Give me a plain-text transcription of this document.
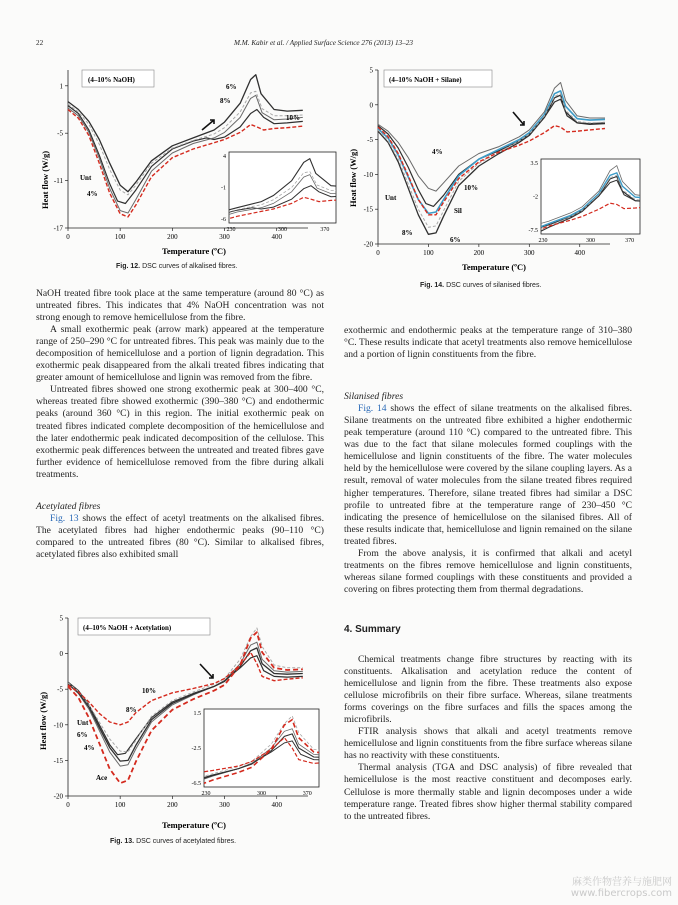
22	M.M. Kabir et al. / Applied Surface Science 276 (2013) 13–23
0	100	200	300	400
1
-5
-11
-17
Heat flow (W/g)
Temperature (ºC)
(4–10% NaOH)
6%
8%
10%
Unt
4%
230	300	370
4
-1
-6
Fig. 12. DSC curves of alkalised fibres.
0	100	200	300	400
5
0
-5
-10
-15
-20
Heat flow (W/g)
Temperature (ºC)
(4–10% NaOH + Acetylation)
10%
8%
Unt
6%
4%
Ace
230	300	370
1.5
-2.5
-6.5
Fig. 13. DSC curves of acetylated fibres.
0	100	200	300	400
5
0
-5
-10
-15
-20
Heat flow (W/g)
Temperature (ºC)
(4–10% NaOH + Silane)
4%
10%
Unt
Sil
8%
6%	230	300	370
3.5
-2
-7.5
Fig. 14. DSC curves of silanised fibres.

NaOH treated fibre took place at the same temperature (around 80 °C) as untreated fibres. This indicates that 4% NaOH concentration was not strong enough to remove hemicellulose from the fibre.

A small exothermic peak (arrow mark) appeared at the temperature range of 250–290 °C for untreated fibres. This peak was mainly due to the decomposition of hemicellulose and a portion of lignin degradation. This exothermic peak disappeared from the alkali treated fibres indicating that greater amount of hemicellulose and lignin was removed from the fibre.

Untreated fibres showed one strong exothermic peak at 300–400 °C, whereas treated fibre showed exothermic (390–380 °C) and endothermic peaks (around 360 °C) in this region. The initial exothermic peak on treated fibres indicated complete decomposition of the hemicellulose and the later endothermic peak indicated decomposition of the cellulose. This exothermic peak differences between the untreated and treated fibres gave further evidence of hemicellulose removed from the fibre during alkali treatments.

Acetylated fibres

Fig. 13 shows the effect of acetyl treatments on the alkalised fibres. The acetylated fibres had higher endothermic peaks (90–110 °C) compared to the untreated fibres (80 °C). Similar to alkalised fibres, acetylated fibres also exhibited small

exothermic and endothermic peaks at the temperature range of 310–380 °C. These results indicate that acetyl treatments also remove hemicellulose and a portion of lignin constituents from the fibre.

Silanised fibres

Fig. 14 shows the effect of silane treatments on the alkalised fibres. Silane treatments on the untreated fibre exhibited a higher endothermic peak temperature (around 110 °C) compared to the untreated fibre. This was due to the fact that silane molecules formed couplings with the hemicellulose and lignin constituents of the fibre. The water molecules held by the hemicellulose were covered by the silane coupling layers. As a result, removal of water molecules from the silane treated fibres required higher temperatures. Therefore, silane treated fibres had similar a DSC profile to untreated fibre at the temperature range of 230–450 °C indicating the presence of hemicellulose on the silanised fibres. All of these results indicate that, hemicellulose and lignin remained on the silane treated fibres.

From the above analysis, it is confirmed that alkali and acetyl treatments on the fibres remove hemicellulose and lignin constituents, whereas silane formed couplings with these constituents and provided a covering on fibres protecting them from thermal degradations.

4. Summary

Chemical treatments change fibre structures by reacting with its constituents. Alkalisation and acetylation reduce the content of hemicellulose and lignin from the fibre. These treatments also expose cellulose microfibrils on their fibre surface. Whereas, silane treatments forms coverings on the fibre surfaces and fills the spaces among the microfibrils.

FTIR analysis shows that alkali and acetyl treatments remove hemicellulose and lignin constituents from the fibre surface whereas silane has no reactivity with these constituents.

Thermal analysis (TGA and DSC analysis) of fibre revealed that hemicellulose is the most reactive constituent and decomposes early. Cellulose is more thermally stable and lignin decomposes under a wide temperature range. Treated fibres show higher thermal stability compared to the untreated fibres.

麻类作物营养与施肥网
www.fibercrops.com
